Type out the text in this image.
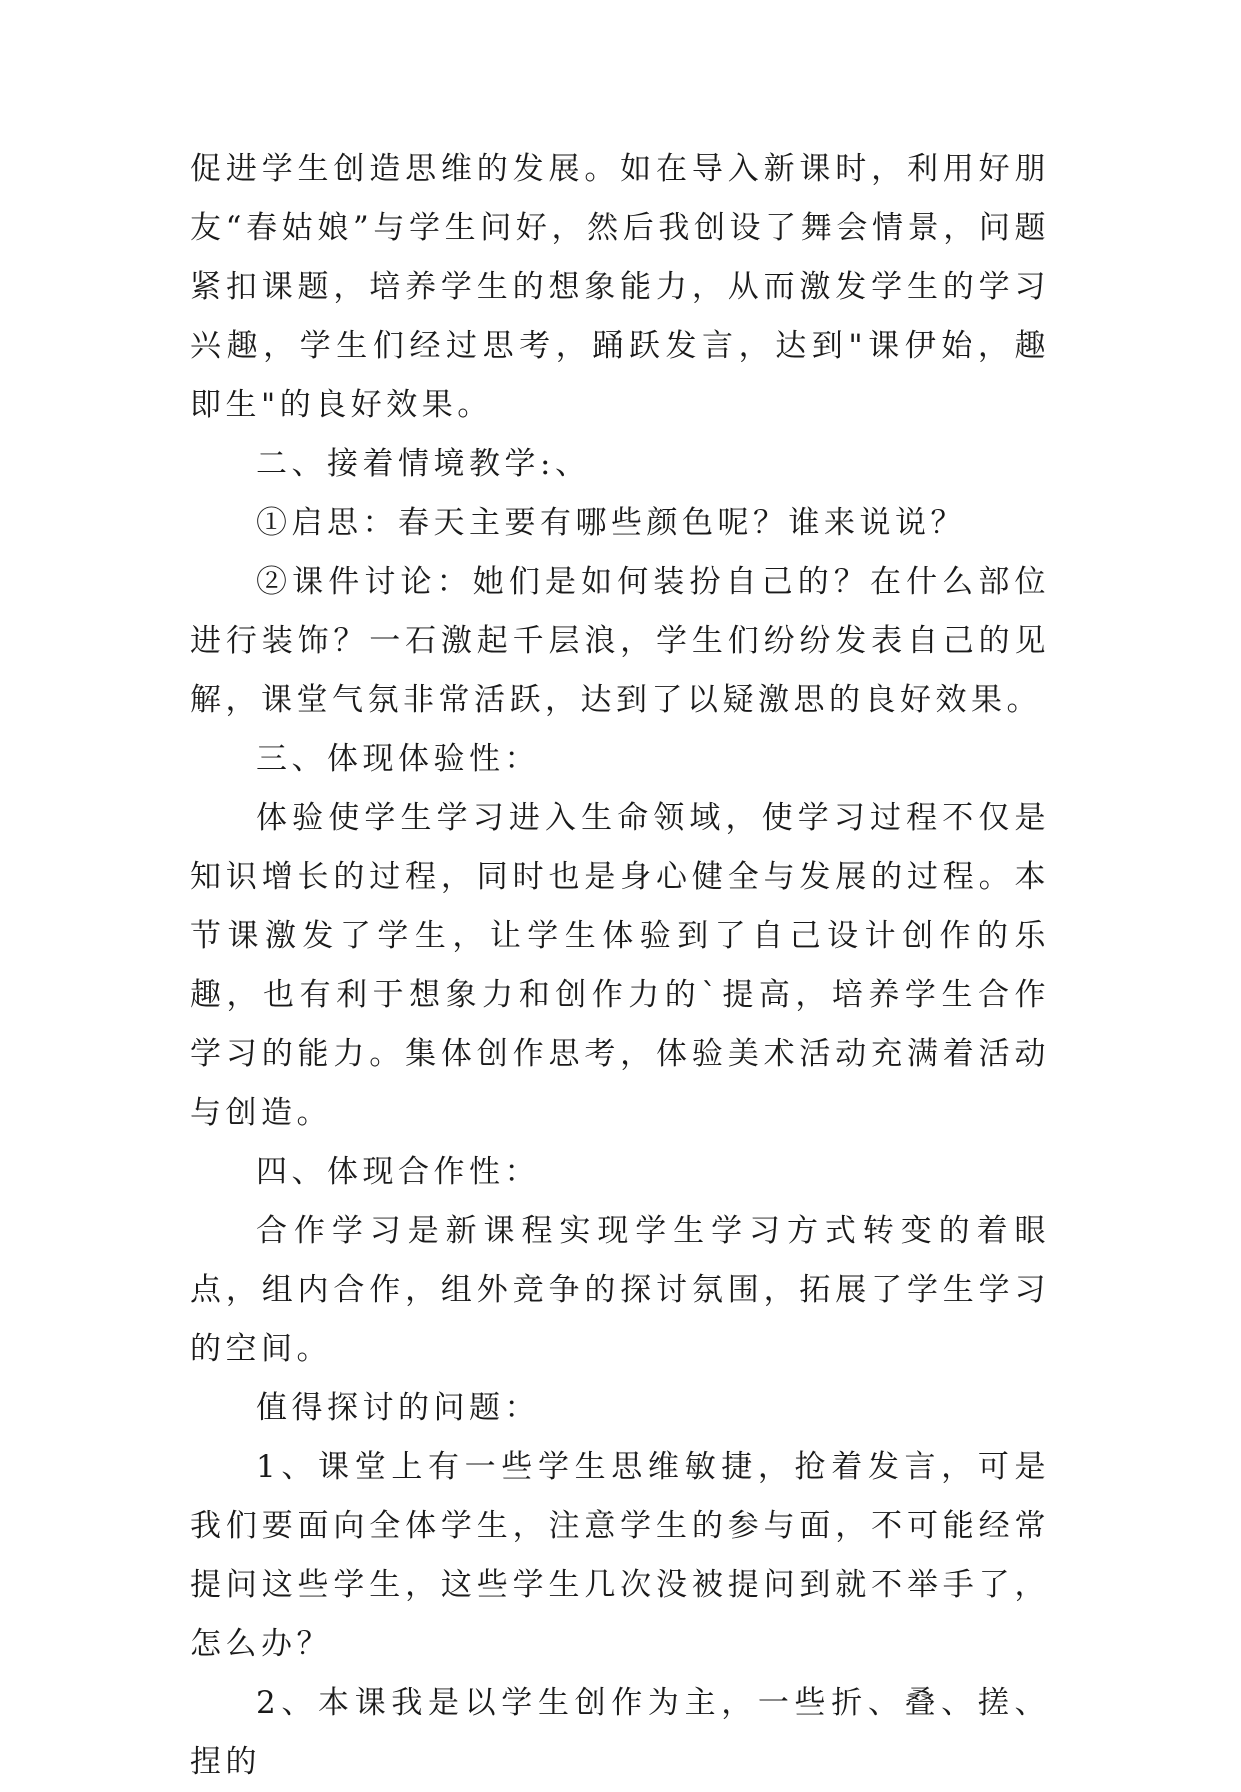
促进学生创造思维的发展。如在导入新课时，利用好朋友“春姑娘”与学生问好，然后我创设了舞会情景，问题紧扣课题，培养学生的想象能力，从而激发学生的学习兴趣，学生们经过思考，踊跃发言，达到"课伊始，趣即生"的良好效果。

二、接着情境教学:、

①启思：春天主要有哪些颜色呢？谁来说说？

②课件讨论：她们是如何装扮自己的？在什么部位进行装饰？一石激起千层浪，学生们纷纷发表自己的见解，课堂气氛非常活跃，达到了以疑激思的良好效果。

三、体现体验性：

体验使学生学习进入生命领域，使学习过程不仅是知识增长的过程，同时也是身心健全与发展的过程。本节课激发了学生，让学生体验到了自己设计创作的乐趣，也有利于想象力和创作力的`提高，培养学生合作学习的能力。集体创作思考，体验美术活动充满着活动与创造。

四、体现合作性：

合作学习是新课程实现学生学习方式转变的着眼点，组内合作，组外竞争的探讨氛围，拓展了学生学习的空间。

值得探讨的问题：

1、课堂上有一些学生思维敏捷，抢着发言，可是我们要面向全体学生，注意学生的参与面，不可能经常提问这些学生，这些学生几次没被提问到就不举手了，怎么办？

2、本课我是以学生创作为主，一些折、叠、搓、捏的
